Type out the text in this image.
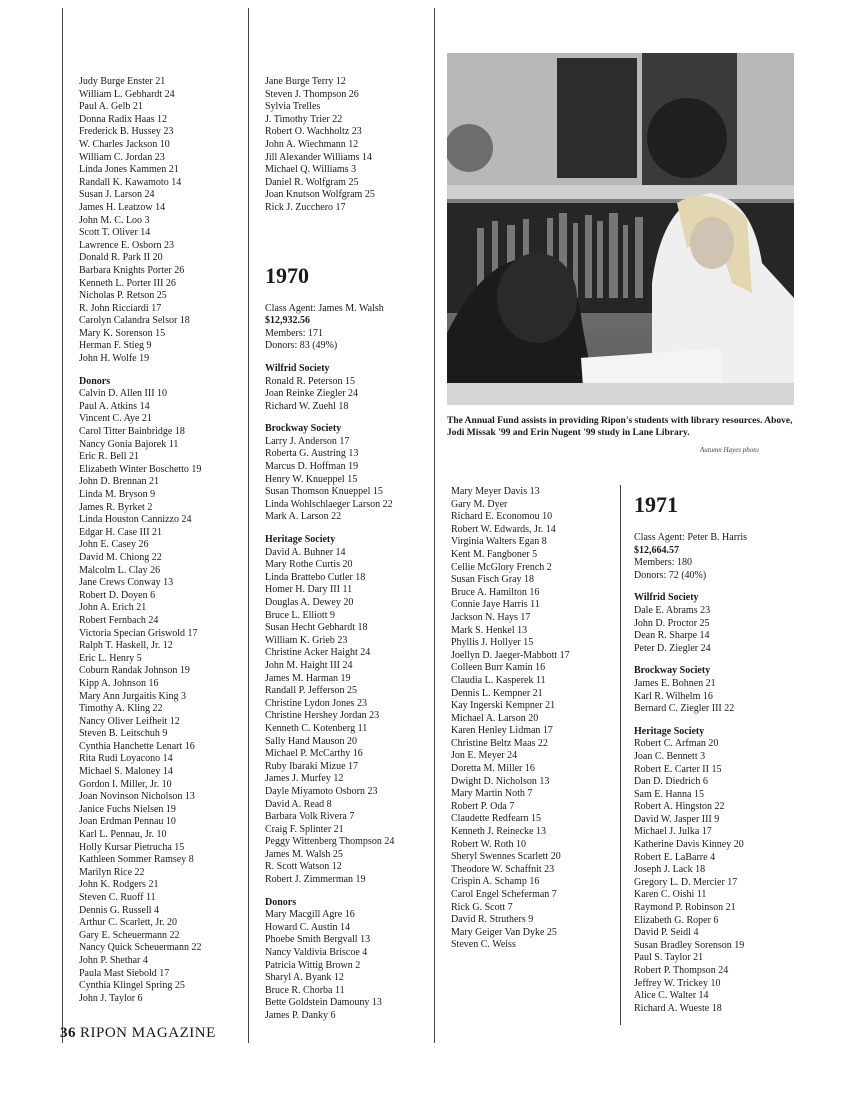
Judy Burge Enster 21
William L. Gebhardt 24
Paul A. Gelb 21
Donna Radix Haas 12
Frederick B. Hussey 23
W. Charles Jackson 10
William C. Jordan 23
Linda Jones Kammen 21
Randall K. Kawamoto 14
Susan J. Larson 24
James H. Leatzow 14
John M. C. Loo 3
Scott T. Oliver 14
Lawrence E. Osborn 23
Donald R. Park II 20
Barbara Knights Porter 26
Kenneth L. Porter III 26
Nicholas P. Retson 25
R. John Ricciardi 17
Carolyn Calandra Selsor 18
Mary K. Sorenson 15
Herman F. Stieg 9
John H. Wolfe 19
Donors
Calvin D. Allen III 10
Paul A. Atkins 14
Vincent C. Aye 21
Carol Titter Bainbridge 18
Nancy Gonia Bajorek 11
Eric R. Bell 21
Elizabeth Winter Boschetto 19
John D. Brennan 21
Linda M. Bryson 9
James R. Byrket 2
Linda Houston Cannizzo 24
Edgar H. Case III 21
John E. Casey 26
David M. Chiong 22
Malcolm L. Clay 26
Jane Crews Conway 13
Robert D. Doyen 6
John A. Erich 21
Robert Fernbach 24
Victoria Specian Griswold 17
Ralph T. Haskell, Jr. 12
Eric L. Henry 5
Coburn Randak Johnson 19
Kipp A. Johnson 16
Mary Ann Jurgaitis King 3
Timothy A. Kling 22
Nancy Oliver Leifheit 12
Steven B. Leitschuh 9
Cynthia Hanchette Lenart 16
Rita Rudi Loyacono 14
Michael S. Maloney 14
Gordon I. Miller, Jr. 10
Joan Novinson Nicholson 13
Janice Fuchs Nielsen 19
Joan Erdman Pennau 10
Karl L. Pennau, Jr. 10
Holly Kursar Pietrucha 15
Kathleen Sommer Ramsey 8
Marilyn Rice 22
John K. Rodgers 21
Steven C. Ruoff 11
Dennis G. Russell 4
Arthur C. Scarlett, Jr. 20
Gary E. Scheuermann 22
Nancy Quick Scheuermann 22
John P. Shethar 4
Paula Mast Siebold 17
Cynthia Klingel Spring 25
John J. Taylor 6
Jane Burge Terry 12
Steven J. Thompson 26
Sylvia Trelles
J. Timothy Trier 22
Robert O. Wachholtz 23
John A. Wiechmann 12
Jill Alexander Williams 14
Michael Q. Williams 3
Daniel R. Wolfgram 25
Joan Knutson Wolfgram 25
Rick J. Zucchero 17
1970
Class Agent: James M. Walsh
$12,932.56
Members: 171
Donors: 83 (49%)
Wilfrid Society
Ronald R. Peterson 15
Joan Reinke Ziegler 24
Richard W. Zuehl 18
Brockway Society
Larry J. Anderson 17
Roberta G. Austring 13
Marcus D. Hoffman 19
Henry W. Knueppel 15
Susan Thomson Knueppel 15
Linda Wohlschlaeger Larson 22
Mark A. Larson 22
Heritage Society
David A. Buhner 14
Mary Rothe Curtis 20
Linda Brattebo Cutler 18
Homer H. Dary III 11
Douglas A. Dewey 20
Bruce L. Elliott 9
Susan Hecht Gebhardt 18
William K. Grieb 23
Christine Acker Haight 24
John M. Haight III 24
James M. Harman 19
Randall P. Jefferson 25
Christine Lydon Jones 23
Christine Hershey Jordan 23
Kenneth C. Kotenberg 11
Sally Hand Mauson 20
Michael P. McCarthy 16
Ruby Ibaraki Mizue 17
James J. Murfey 12
Dayle Miyamoto Osborn 23
David A. Read 8
Barbara Volk Rivera 7
Craig F. Splinter 21
Peggy Wittenberg Thompson 24
James M. Walsh 25
R. Scott Watson 12
Robert J. Zimmerman 19
Donors
Mary Macgill Agre 16
Howard C. Austin 14
Phoebe Smith Bergvall 13
Nancy Valdivia Briscoe 4
Patricia Wittig Brown 2
Sharyl A. Byank 12
Bruce R. Chorba 11
Bette Goldstein Damouny 13
James P. Danky 6
The Annual Fund assists in providing Ripon's students with library resources. Above, Jodi Missak '99 and Erin Nugent '99 study in Lane Library.
Autumn Hayes photo
Mary Meyer Davis 13
Gary M. Dyer
Richard E. Economou 10
Robert W. Edwards, Jr. 14
Virginia Walters Egan 8
Kent M. Fangboner 5
Cellie McGlory French 2
Susan Fisch Gray 18
Bruce A. Hamilton 16
Connie Jaye Harris 11
Jackson N. Hays 17
Mark S. Henkel 13
Phyllis J. Hollyer 15
Joellyn D. Jaeger-Mabbott 17
Colleen Burr Kamin 16
Claudia L. Kasperek 11
Dennis L. Kempner 21
Kay Ingerski Kempner 21
Michael A. Larson 20
Karen Henley Lidman 17
Christine Beltz Maas 22
Jon E. Meyer 24
Doretta M. Miller 16
Dwight D. Nicholson 13
Mary Martin Noth 7
Robert P. Oda 7
Claudette Redfearn 15
Kenneth J. Reinecke 13
Robert W. Roth 10
Sheryl Swennes Scarlett 20
Theodore W. Schaffnit 23
Crispin A. Schamp 16
Carol Engel Scheferman 7
Rick G. Scott 7
David R. Struthers 9
Mary Geiger Van Dyke 25
Steven C. Weiss
1971
Class Agent: Peter B. Harris
$12,664.57
Members: 180
Donors: 72 (40%)
Wilfrid Society
Dale E. Abrams 23
John D. Proctor 25
Dean R. Sharpe 14
Peter D. Ziegler 24
Brockway Society
James E. Bohnen 21
Karl R. Wilhelm 16
Bernard C. Ziegler III 22
Heritage Society
Robert C. Arfman 20
Joan C. Bennett 3
Robert E. Carter II 15
Dan D. Diedrich 6
Sam E. Hanna 15
Robert A. Hingston 22
David W. Jasper III 9
Michael J. Julka 17
Katherine Davis Kinney 20
Robert E. LaBarre 4
Joseph J. Lack 18
Gregory L. D. Mercier 17
Karen C. Oishi 11
Raymond P. Robinson 21
Elizabeth G. Roper 6
David P. Seidl 4
Susan Bradley Sorenson 19
Paul S. Taylor 21
Robert P. Thompson 24
Jeffrey W. Trickey 10
Alice C. Walter 14
Richard A. Wueste 18
36 RIPON MAGAZINE
